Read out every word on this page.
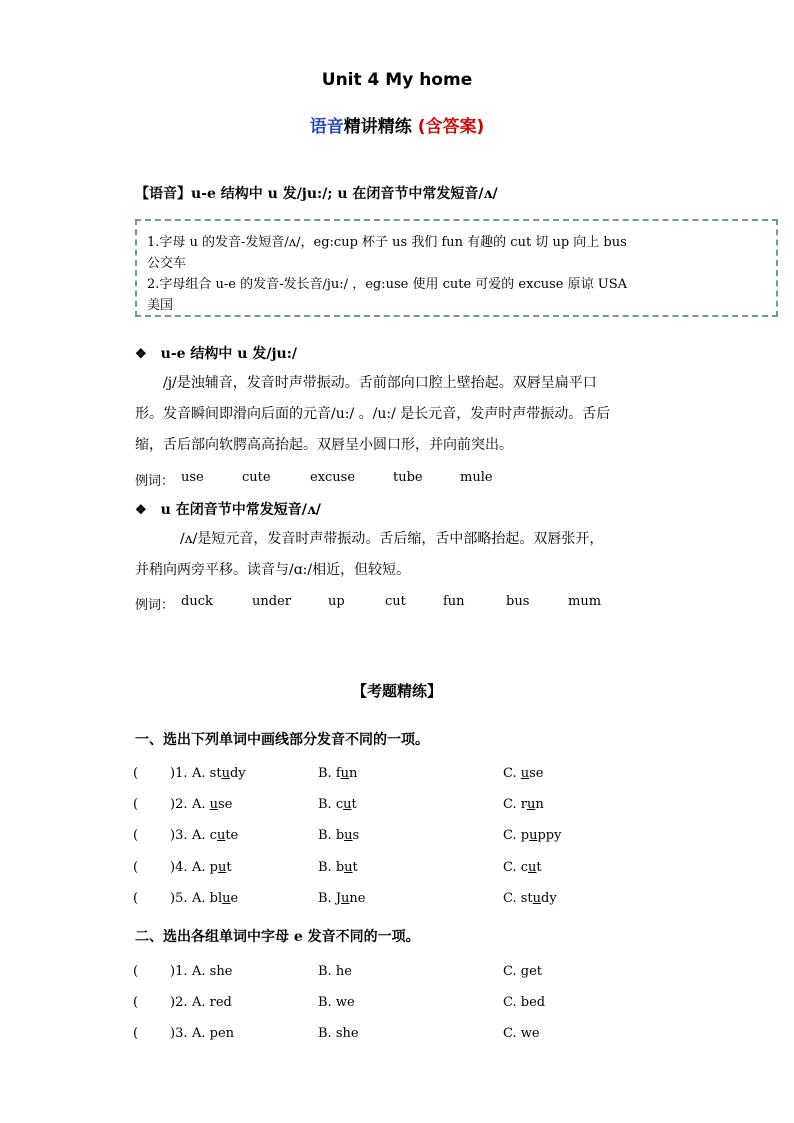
Unit 4 My home
语音精讲精练 (含答案)
【语音】u-e 结构中 u 发/ju:/; u 在闭音节中常发短音/ʌ/
1.字母 u 的发音-发短音/ʌ/，eg:cup 杯子 us 我们 fun 有趣的 cut 切 up 向上 bus
公交车
2.字母组合 u-e 的发音-发长音/ju:/ ，eg:use 使用 cute 可爱的 excuse 原谅 USA
美国
❖ u-e 结构中 u 发/ju:/
/j/是浊辅音，发音时声带振动。舌前部向口腔上壁抬起。双唇呈扁平口
形。发音瞬间即滑向后面的元音/u:/ 。/u:/ 是长元音，发声时声带振动。舌后
缩，舌后部向软腭高高抬起。双唇呈小圆口形，并向前突出。
例词： use	cute	excuse	tube	mule
❖ u 在闭音节中常发短音/ʌ/
/ʌ/是短元音，发音时声带振动。舌后缩，舌中部略抬起。双唇张开，
并稍向两旁平移。读音与/ɑ:/相近，但较短。
例词： duck	under	up	cut	fun	bus	mum
【考题精练】
一、选出下列单词中画线部分发音不同的一项。
( )1. A. study	B. fun	C. use
( )2. A. use	B. cut	C. run
( )3. A. cute	B. bus	C. puppy
( )4. A. put	B. but	C. cut
( )5. A. blue	B. June	C. study
二、选出各组单词中字母 e 发音不同的一项。
( )1. A. she	B. he	C. get
( )2. A. red	B. we	C. bed
( )3. A. pen	B. she	C. we
